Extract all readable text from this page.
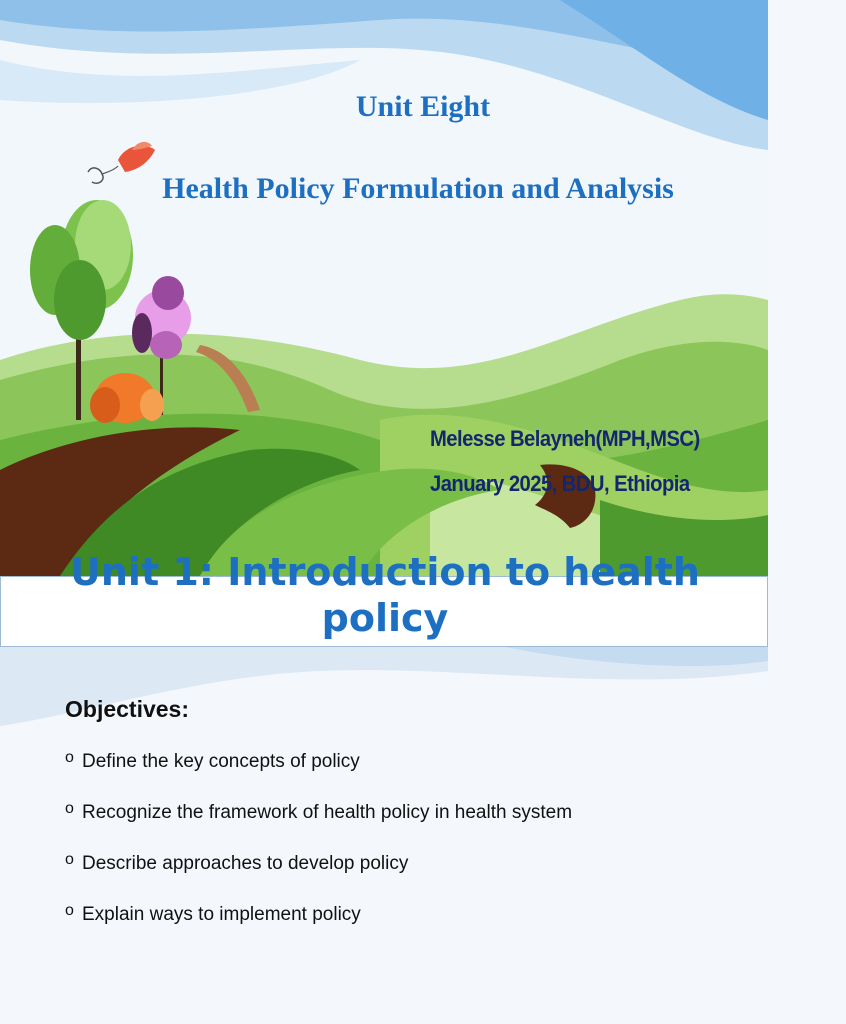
Unit Eight
Health Policy Formulation and Analysis
Melesse Belayneh(MPH,MSC)
January 2025, BDU, Ethiopia
Unit 1: Introduction to health
policy
Objectives:
o Define the key concepts of policy
o Recognize the framework of health policy in health system
o Describe approaches to develop policy
o Explain ways to implement policy
